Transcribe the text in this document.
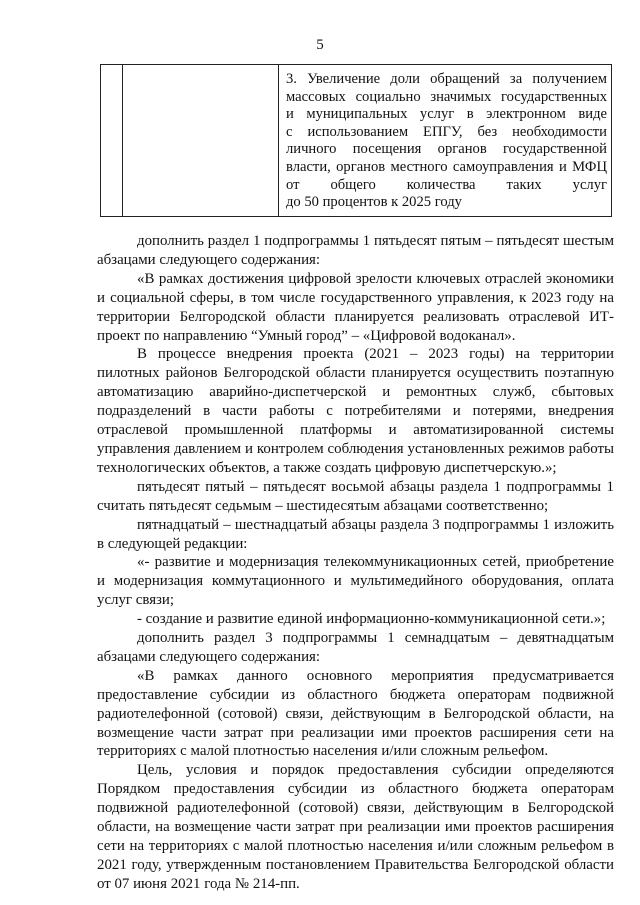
5

3. Увеличение доли обращений за получением
массовых социально значимых государственных
и муниципальных услуг в электронном виде
с использованием ЕПГУ, без необходимости
личного посещения органов государственной
власти, органов местного самоуправления и МФЦ
от общего количества таких услуг
до 50 процентов к 2025 году

дополнить раздел 1 подпрограммы 1 пятьдесят пятым – пятьдесят шестым абзацами следующего содержания:

«В рамках достижения цифровой зрелости ключевых отраслей экономики и социальной сферы, в том числе государственного управления, к 2023 году на территории Белгородской области планируется реализовать отраслевой ИТ-проект по направлению “Умный город” – «Цифровой водоканал».

В процессе внедрения проекта (2021 – 2023 годы) на территории пилотных районов Белгородской области планируется осуществить поэтапную автоматизацию аварийно-диспетчерской и ремонтных служб, сбытовых подразделений в части работы с потребителями и потерями, внедрения отраслевой промышленной платформы и автоматизированной системы управления давлением и контролем соблюдения установленных режимов работы технологических объектов, а также создать цифровую диспетчерскую.»;

пятьдесят пятый – пятьдесят восьмой абзацы раздела 1 подпрограммы 1 считать пятьдесят седьмым – шестидесятым абзацами соответственно;

пятнадцатый – шестнадцатый абзацы раздела 3 подпрограммы 1 изложить в следующей редакции:

«- развитие и модернизация телекоммуникационных сетей, приобретение и модернизация коммутационного и мультимедийного оборудования, оплата услуг связи;

- создание и развитие единой информационно-коммуникационной сети.»;

дополнить раздел 3 подпрограммы 1 семнадцатым – девятнадцатым абзацами следующего содержания:

«В рамках данного основного мероприятия предусматривается предоставление субсидии из областного бюджета операторам подвижной радиотелефонной (сотовой) связи, действующим в Белгородской области, на возмещение части затрат при реализации ими проектов расширения сети на территориях с малой плотностью населения и/или сложным рельефом.

Цель, условия и порядок предоставления субсидии определяются Порядком предоставления субсидии из областного бюджета операторам подвижной радиотелефонной (сотовой) связи, действующим в Белгородской области, на возмещение части затрат при реализации ими проектов расширения сети на территориях с малой плотностью населения и/или сложным рельефом в 2021 году, утвержденным постановлением Правительства Белгородской области от 07 июня 2021 года № 214-пп.
